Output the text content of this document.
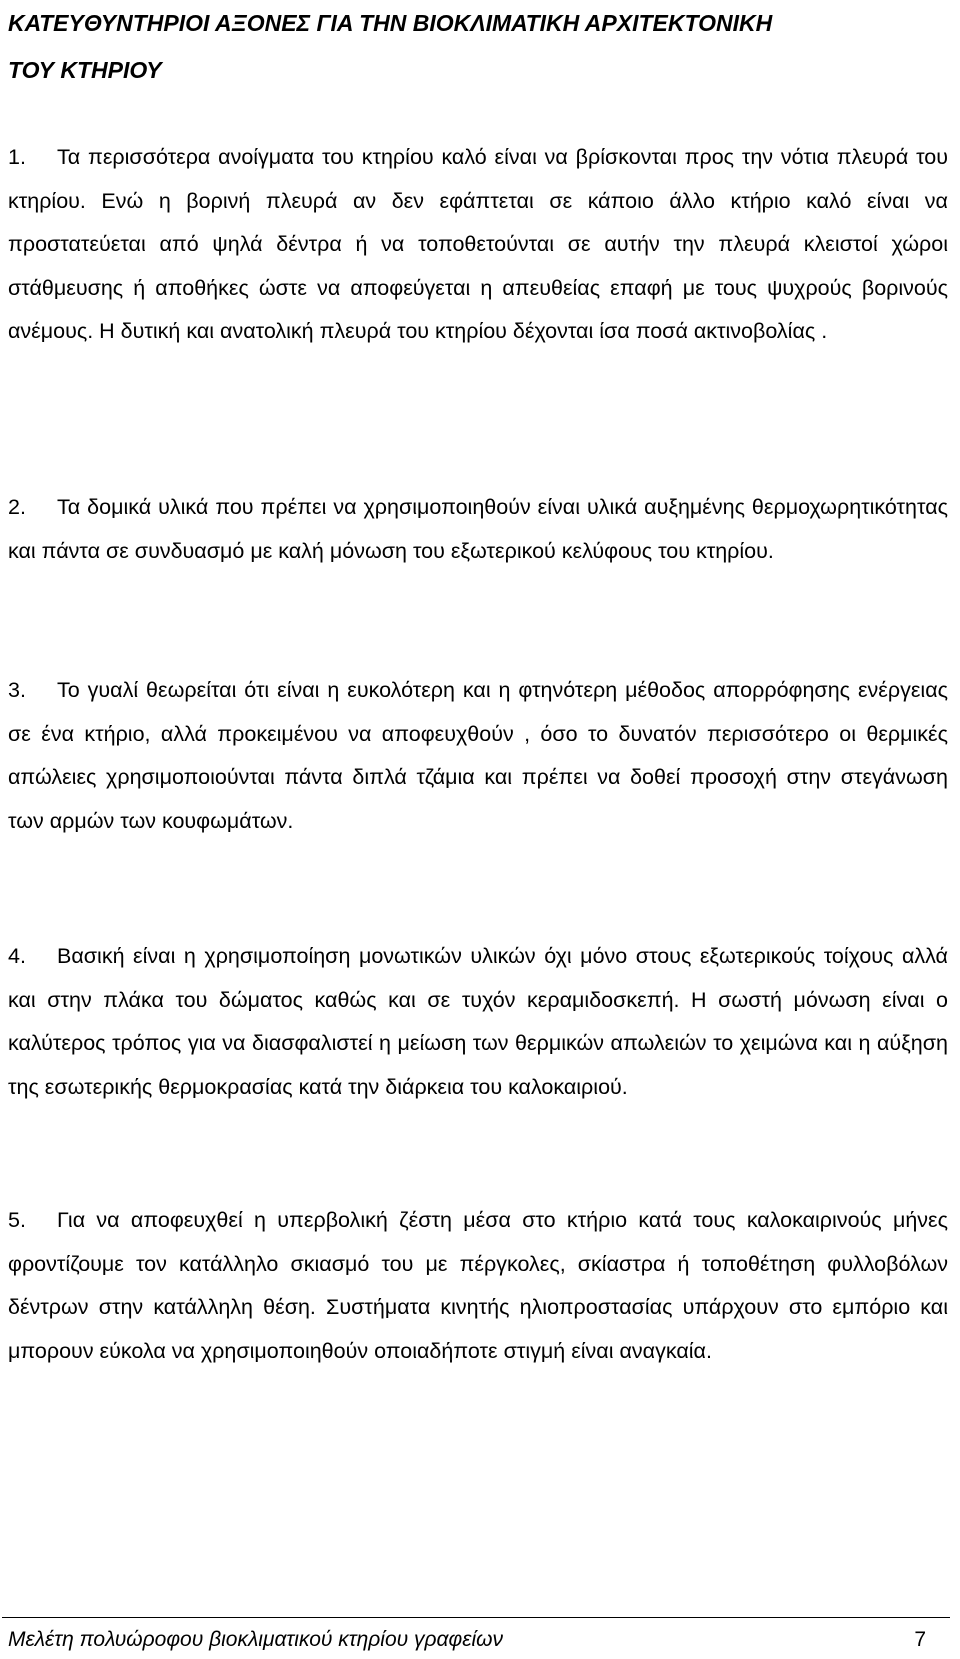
ΚΑΤΕΥΘΥΝΤΗΡΙΟΙ ΑΞΟΝΕΣ ΓΙΑ ΤΗΝ ΒΙΟΚΛΙΜΑΤΙΚΗ ΑΡΧΙΤΕΚΤΟΝΙΚΗ
ΤΟΥ ΚΤΗΡΙΟΥ

1. Τα περισσότερα ανοίγματα του κτηρίου καλό είναι να βρίσκονται προς την νότια πλευρά του κτηρίου. Ενώ η βορινή πλευρά αν δεν εφάπτεται σε κάποιο άλλο κτήριο καλό είναι να προστατεύεται από ψηλά δέντρα ή να τοποθετούνται σε αυτήν την πλευρά κλειστοί χώροι στάθμευσης ή αποθήκες ώστε να αποφεύγεται η απευθείας επαφή με τους ψυχρούς βορινούς ανέμους. Η δυτική και ανατολική πλευρά του κτηρίου δέχονται ίσα ποσά ακτινοβολίας .

2. Τα δομικά υλικά που πρέπει να χρησιμοποιηθούν είναι υλικά αυξημένης θερμοχωρητικότητας και πάντα σε συνδυασμό με καλή μόνωση του εξωτερικού κελύφους του κτηρίου.

3. Το γυαλί θεωρείται ότι είναι η ευκολότερη και η φτηνότερη μέθοδος απορρόφησης ενέργειας σε ένα κτήριο, αλλά προκειμένου να αποφευχθούν , όσο το δυνατόν περισσότερο οι θερμικές απώλειες χρησιμοποιούνται πάντα διπλά τζάμια και πρέπει να δοθεί προσοχή στην στεγάνωση των αρμών των κουφωμάτων.

4. Βασική είναι η χρησιμοποίηση μονωτικών υλικών όχι μόνο στους εξωτερικούς τοίχους αλλά και στην πλάκα του δώματος καθώς και σε τυχόν κεραμιδοσκεπή. Η σωστή μόνωση είναι ο καλύτερος τρόπος για να διασφαλιστεί η μείωση των θερμικών απωλειών το χειμώνα και η αύξηση της εσωτερικής θερμοκρασίας κατά την διάρκεια του καλοκαιριού.

5. Για να αποφευχθεί η υπερβολική ζέστη μέσα στο κτήριο κατά τους καλοκαιρινούς μήνες φροντίζουμε τον κατάλληλο σκιασμό του με πέργκολες, σκίαστρα ή τοποθέτηση φυλλοβόλων δέντρων στην κατάλληλη θέση. Συστήματα κινητής ηλιοπροστασίας υπάρχουν στο εμπόριο και μπορουν εύκολα να χρησιμοποιηθούν οποιαδήποτε στιγμή είναι αναγκαία.

Μελέτη πολυώροφου βιοκλιματικού κτηρίου γραφείων	7
